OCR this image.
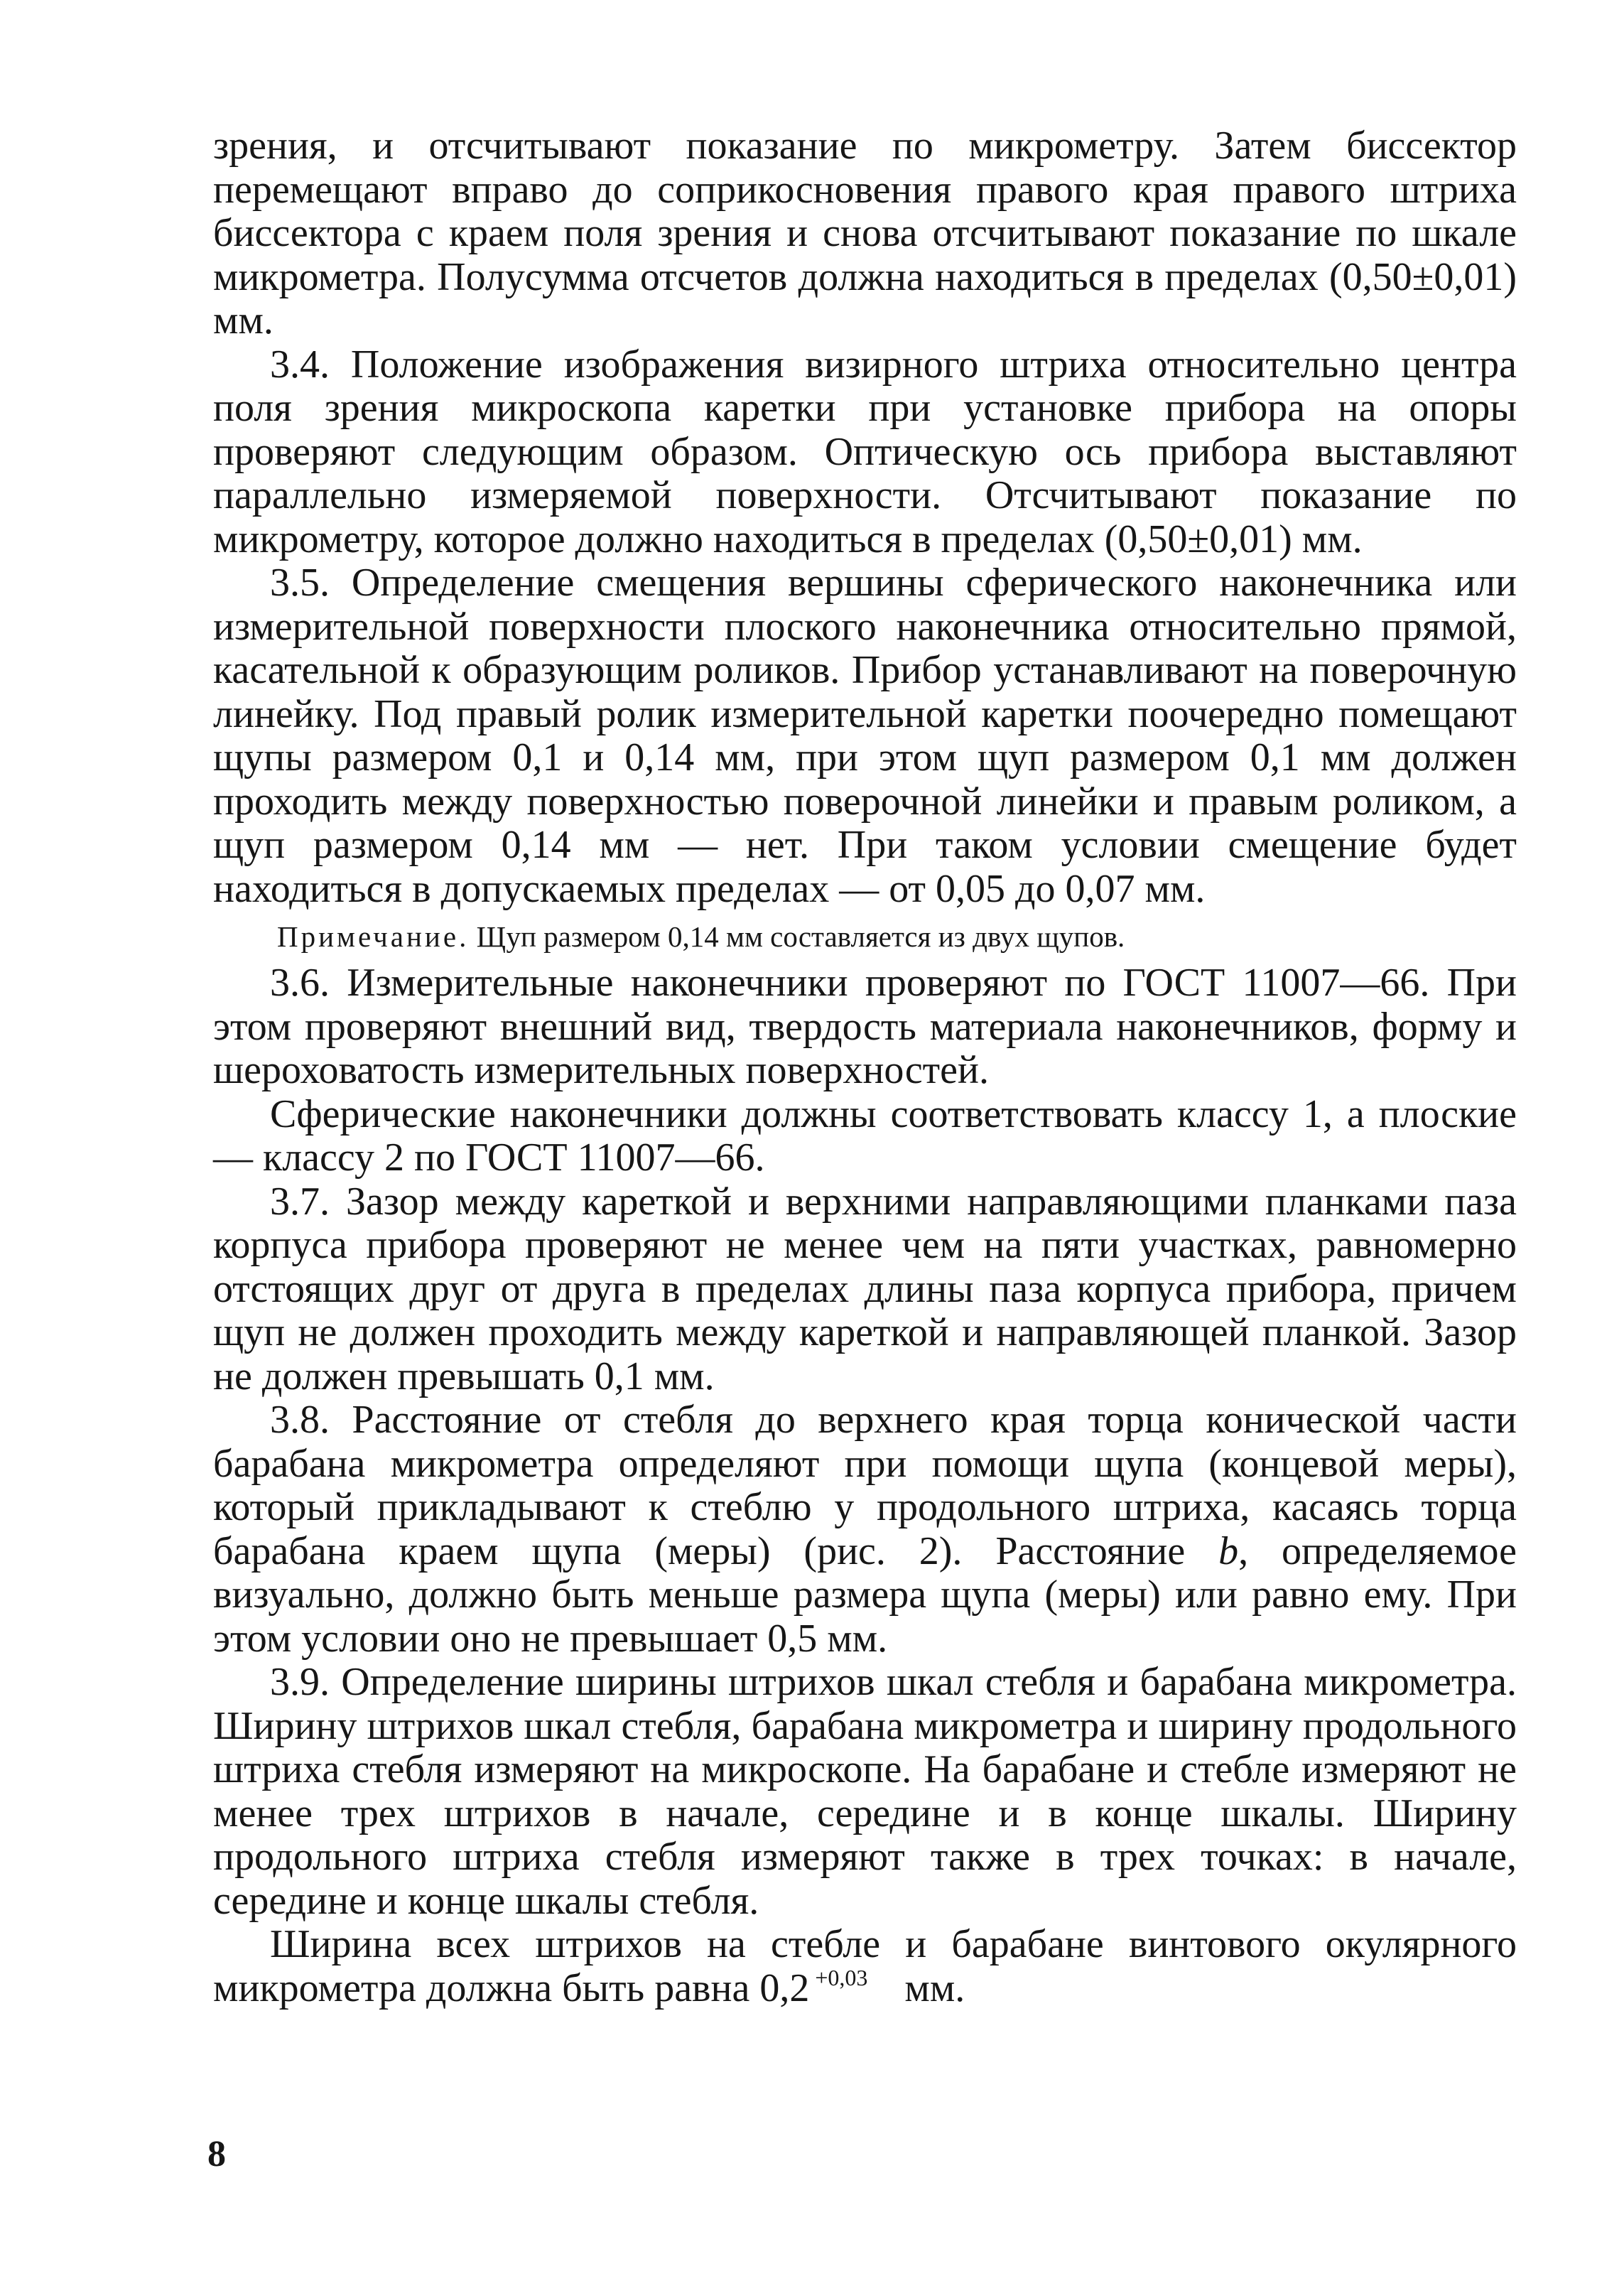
зрения, и отсчитывают показание по микрометру. Затем биссектор перемещают вправо до соприкосновения правого края правого штриха биссектора с краем поля зрения и снова отсчитывают показание по шкале микрометра. Полусумма отсчетов должна находиться в пределах (0,50±0,01) мм.

3.4. Положение изображения визирного штриха относительно центра поля зрения микроскопа каретки при установке прибора на опоры проверяют следующим образом. Оптическую ось прибора выставляют параллельно измеряемой поверхности. Отсчитывают показание по микрометру, которое должно находиться в пределах (0,50±0,01) мм.

3.5. Определение смещения вершины сферического наконечника или измерительной поверхности плоского наконечника относительно прямой, касательной к образующим роликов. Прибор устанавливают на поверочную линейку. Под правый ролик измерительной каретки поочередно помещают щупы размером 0,1 и 0,14 мм, при этом щуп размером 0,1 мм должен проходить между поверхностью поверочной линейки и правым роликом, а щуп размером 0,14 мм — нет. При таком условии смещение будет находиться в допускаемых пределах — от 0,05 до 0,07 мм.

Примечание. Щуп размером 0,14 мм составляется из двух щупов.

3.6. Измерительные наконечники проверяют по ГОСТ 11007—66. При этом проверяют внешний вид, твердость материала наконечников, форму и шероховатость измерительных поверхностей.

Сферические наконечники должны соответствовать классу 1, а плоские — классу 2 по ГОСТ 11007—66.

3.7. Зазор между кареткой и верхними направляющими планками паза корпуса прибора проверяют не менее чем на пяти участках, равномерно отстоящих друг от друга в пределах длины паза корпуса прибора, причем щуп не должен проходить между кареткой и направляющей планкой. Зазор не должен превышать 0,1 мм.

3.8. Расстояние от стебля до верхнего края торца конической части барабана микрометра определяют при помощи щупа (концевой меры), который прикладывают к стеблю у продольного штриха, касаясь торца барабана краем щупа (меры) (рис. 2). Расстояние b, определяемое визуально, должно быть меньше размера щупа (меры) или равно ему. При этом условии оно не превышает 0,5 мм.

3.9. Определение ширины штрихов шкал стебля и барабана микрометра. Ширину штрихов шкал стебля, барабана микрометра и ширину продольного штриха стебля измеряют на микроскопе. На барабане и стебле измеряют не менее трех штрихов в начале, середине и в конце шкалы. Ширину продольного штриха стебля измеряют также в трех точках: в начале, середине и конце шкалы стебля.

Ширина всех штрихов на стебле и барабане винтового окулярного микрометра должна быть равна 0,2 $^{+0,03}$ мм.

8
